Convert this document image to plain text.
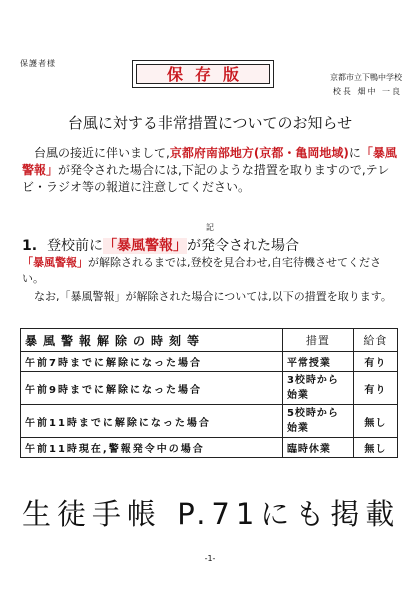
保護者様
保存版	京都市立下鴨中学校
校長 畑中 一良
台風に対する非常措置についてのお知らせ
台風の接近に伴いまして,京都府南部地方(京都・亀岡地域)に「暴風警報」が発令された場合には,下記のような措置を取りますので,テレビ・ラジオ等の報道に注意してください。
記
1. 登校前に「暴風警報」が発令された場合
「暴風警報」が解除されるまでは,登校を見合わせ,自宅待機させてください。
なお,「暴風警報」が解除された場合については,以下の措置を取ります。
暴風警報解除の時刻等	措置	給食
午前7時までに解除になった場合	平常授業	有り
午前9時までに解除になった場合	3校時から始業	有り
午前11時までに解除になった場合	5校時から始業	無し
午前11時現在,警報発令中の場合	臨時休業	無し
生徒手帳 P.71にも掲載
-1-
